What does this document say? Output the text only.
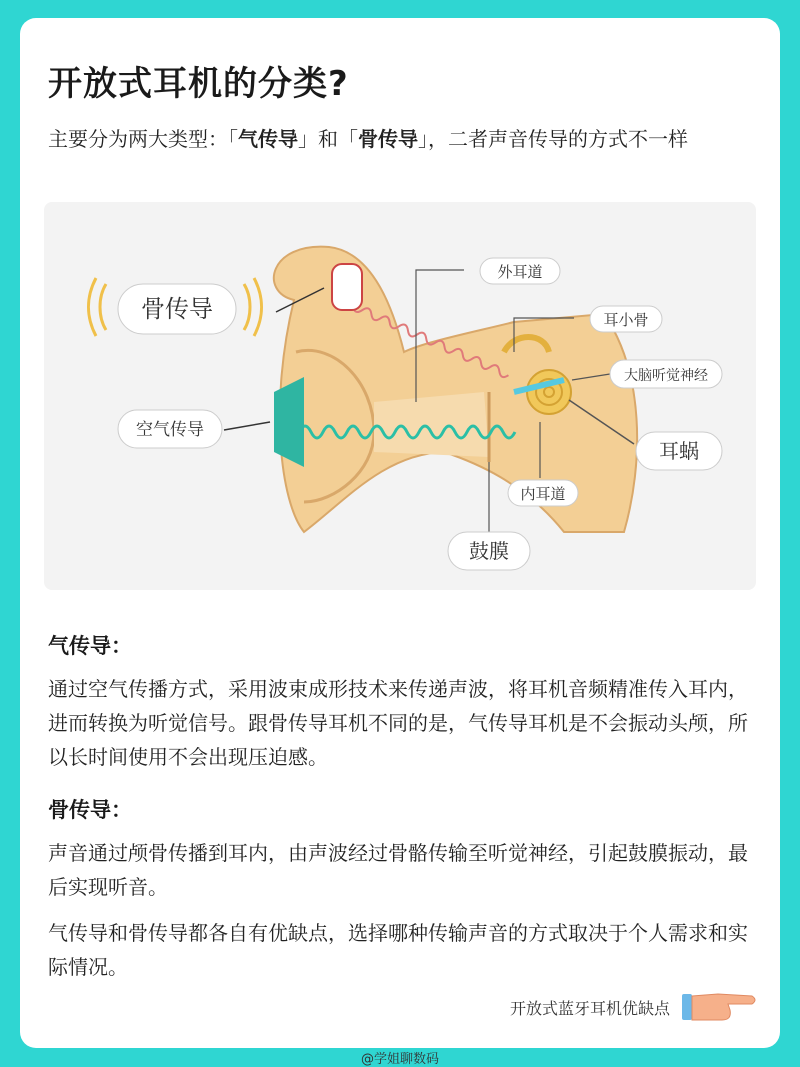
开放式耳机的分类?
主要分为两大类型：「气传导」和「骨传导」，二者声音传导的方式不一样
骨传导
空气传导
外耳道
耳小骨
大脑听觉神经
耳蜗
内耳道
鼓膜
气传导：
通过空气传播方式，采用波束成形技术来传递声波，将耳机音频精准传入耳内，进而转换为听觉信号。跟骨传导耳机不同的是，气传导耳机是不会振动头颅，所以长时间使用不会出现压迫感。
骨传导：
声音通过颅骨传播到耳内，由声波经过骨骼传输至听觉神经，引起鼓膜振动，最后实现听音。
气传导和骨传导都各自有优缺点，选择哪种传输声音的方式取决于个人需求和实际情况。
开放式蓝牙耳机优缺点
@学姐聊数码
